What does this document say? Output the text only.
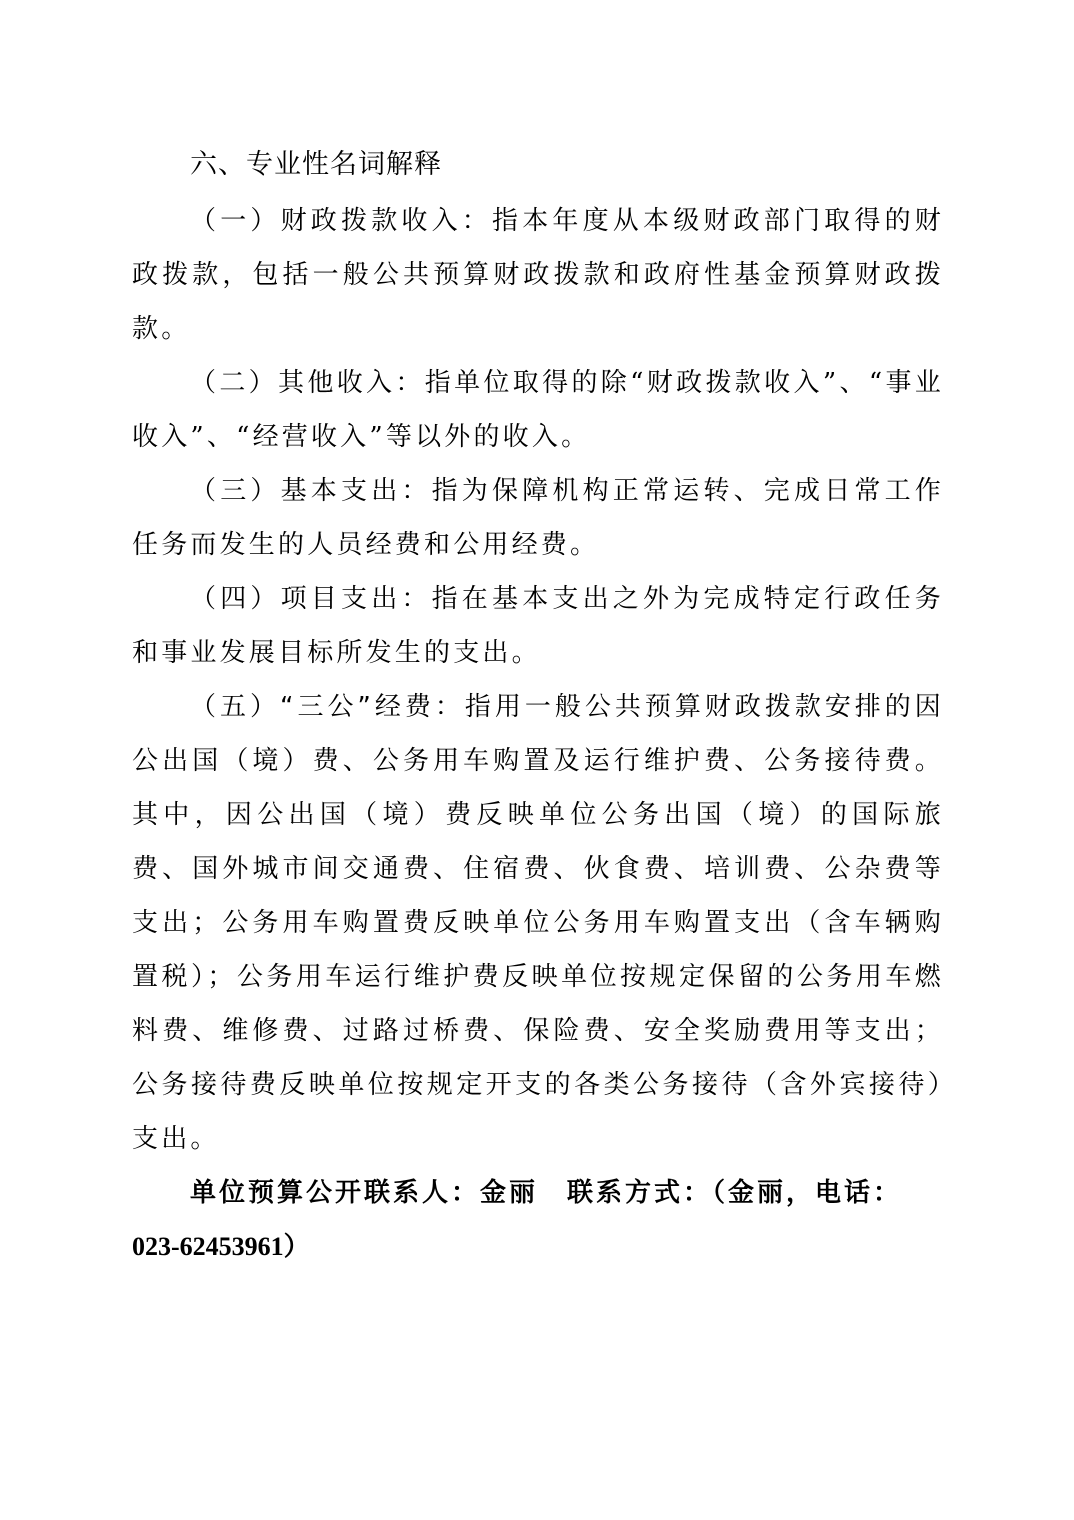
六、专业性名词解释

（一）财政拨款收入：指本年度从本级财政部门取得的财政拨款，包括一般公共预算财政拨款和政府性基金预算财政拨款。

（二）其他收入：指单位取得的除“财政拨款收入”、“事业收入”、“经营收入”等以外的收入。

（三）基本支出：指为保障机构正常运转、完成日常工作任务而发生的人员经费和公用经费。

（四）项目支出：指在基本支出之外为完成特定行政任务和事业发展目标所发生的支出。

（五）“三公”经费：指用一般公共预算财政拨款安排的因公出国（境）费、公务用车购置及运行维护费、公务接待费。其中，因公出国（境）费反映单位公务出国（境）的国际旅费、国外城市间交通费、住宿费、伙食费、培训费、公杂费等支出；公务用车购置费反映单位公务用车购置支出（含车辆购置税）；公务用车运行维护费反映单位按规定保留的公务用车燃料费、维修费、过路过桥费、保险费、安全奖励费用等支出；公务接待费反映单位按规定开支的各类公务接待（含外宾接待）支出。

单位预算公开联系人：金丽　联系方式：（金丽，电话：023-62453961）
